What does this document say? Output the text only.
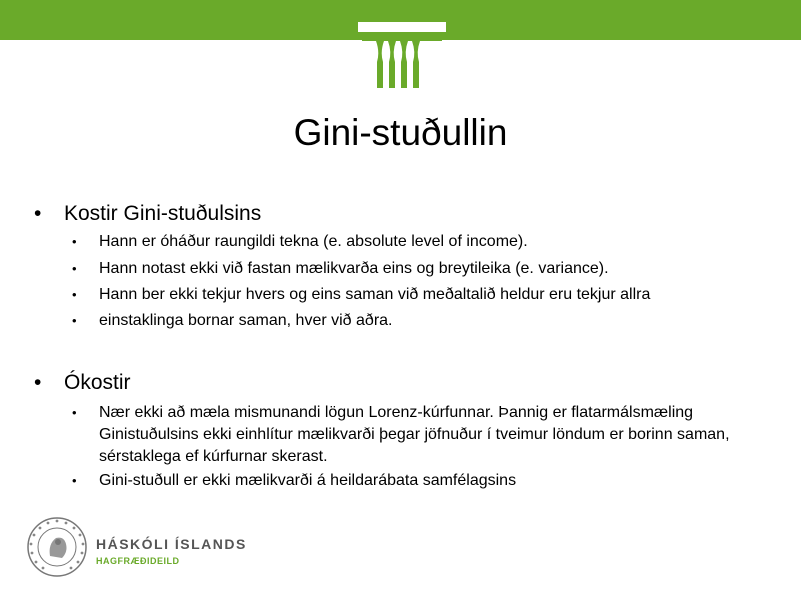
Gini-stuðullin
• Kostir Gini-stuðulsins
• Hann er óháður raungildi tekna (e. absolute level of income).
• Hann notast ekki við fastan mælikvarða eins og breytileika (e. variance).
• Hann ber ekki tekjur hvers og eins saman við meðaltalið heldur eru tekjur allra
• einstaklinga bornar saman, hver við aðra.
• Ókostir
• Nær ekki að mæla mismunandi lögun Lorenz-kúrfunnar. Þannig er flatarmálsmæling Ginistuðulsins ekki einhlítur mælikvarði þegar jöfnuður í tveimur löndum er borinn saman, sérstaklega ef kúrfurnar skerast.
• Gini-stuðull er ekki mælikvarði á heildarábata samfélagsins
HÁSKÓLI ÍSLANDS
HAGFRÆÐIDEILD
